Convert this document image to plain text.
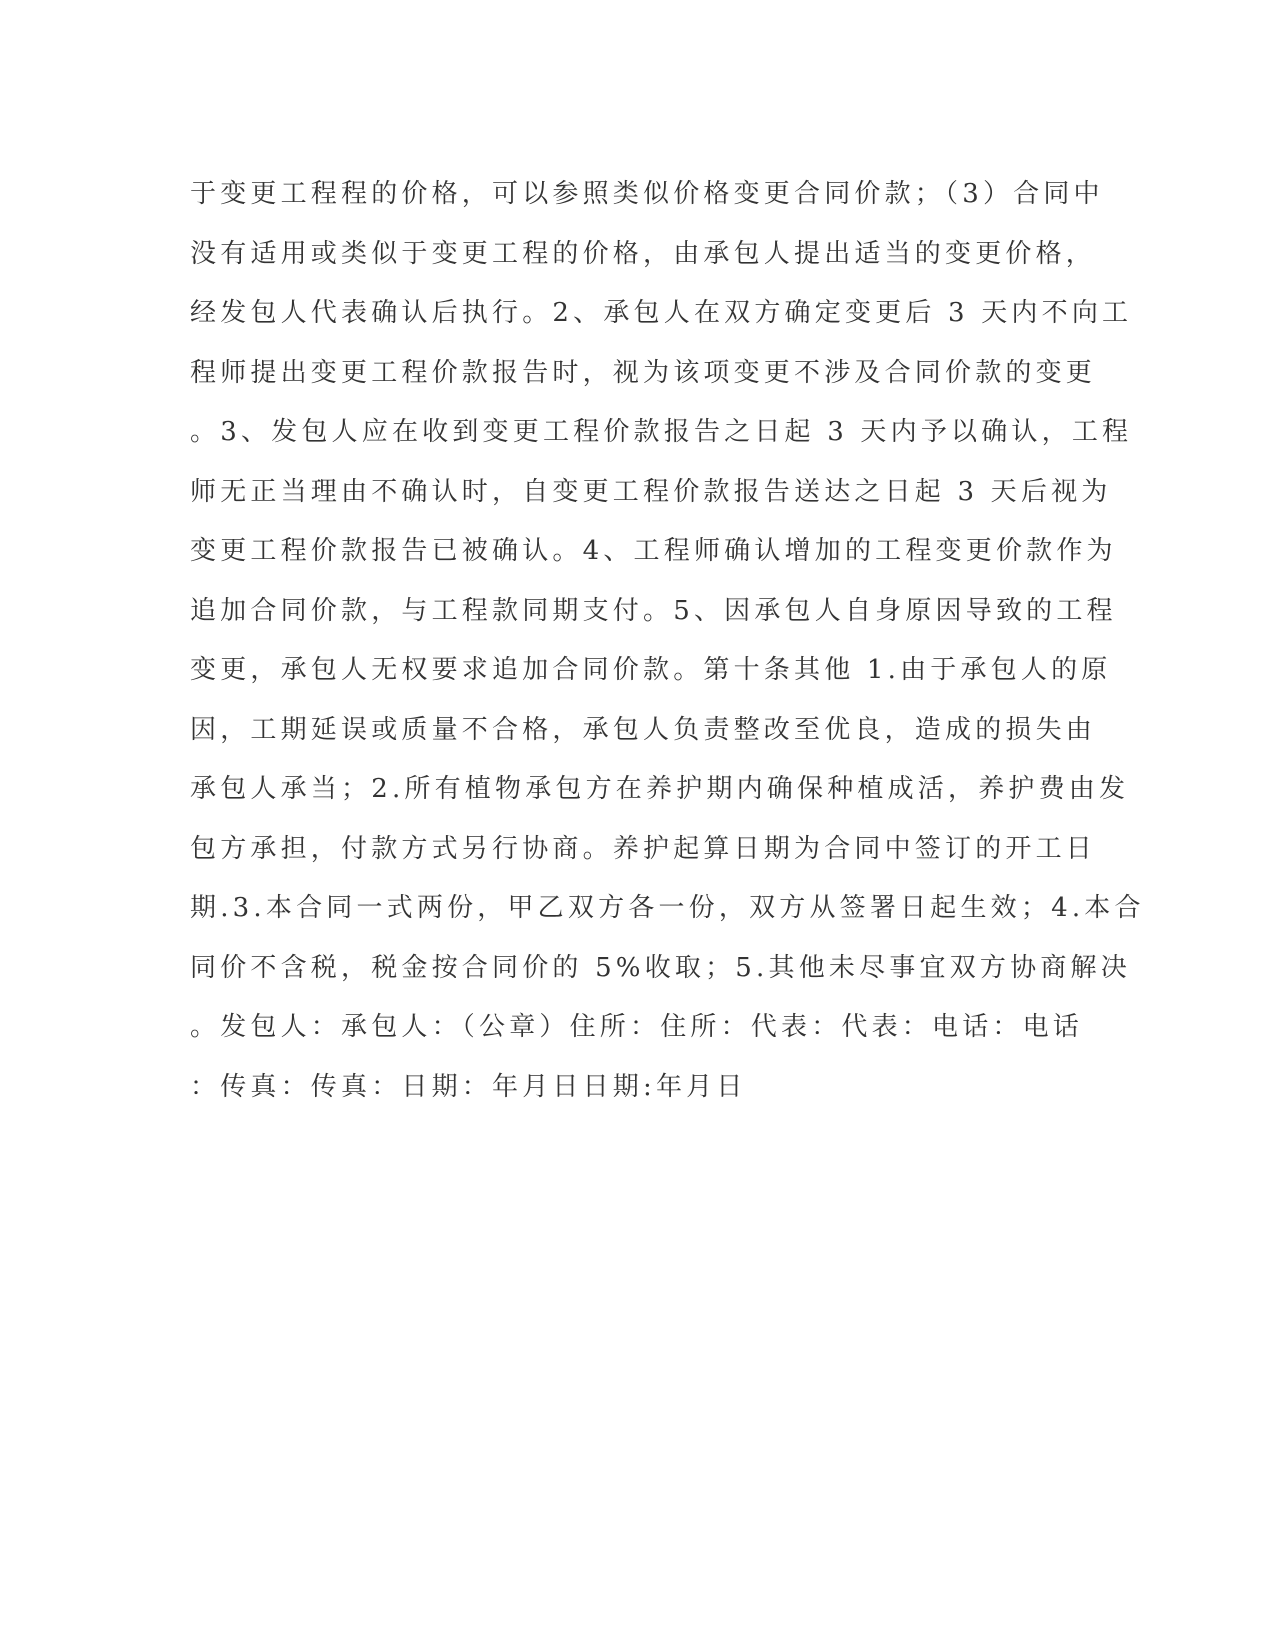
于变更工程程的价格，可以参照类似价格变更合同价款；（3）合同中
没有适用或类似于变更工程的价格，由承包人提出适当的变更价格，
经发包人代表确认后执行。2、承包人在双方确定变更后 3 天内不向工
程师提出变更工程价款报告时，视为该项变更不涉及合同价款的变更
。3、发包人应在收到变更工程价款报告之日起 3 天内予以确认，工程
师无正当理由不确认时，自变更工程价款报告送达之日起 3 天后视为
变更工程价款报告已被确认。4、工程师确认增加的工程变更价款作为
追加合同价款，与工程款同期支付。5、因承包人自身原因导致的工程
变更，承包人无权要求追加合同价款。第十条其他 1.由于承包人的原
因，工期延误或质量不合格，承包人负责整改至优良，造成的损失由
承包人承当；2.所有植物承包方在养护期内确保种植成活，养护费由发
包方承担，付款方式另行协商。养护起算日期为合同中签订的开工日
期.3.本合同一式两份，甲乙双方各一份，双方从签署日起生效；4.本合
同价不含税，税金按合同价的 5%收取；5.其他未尽事宜双方协商解决
。发包人：承包人：（公章）住所：住所：代表：代表：电话：电话
：传真：传真：日期：年月日日期:年月日
